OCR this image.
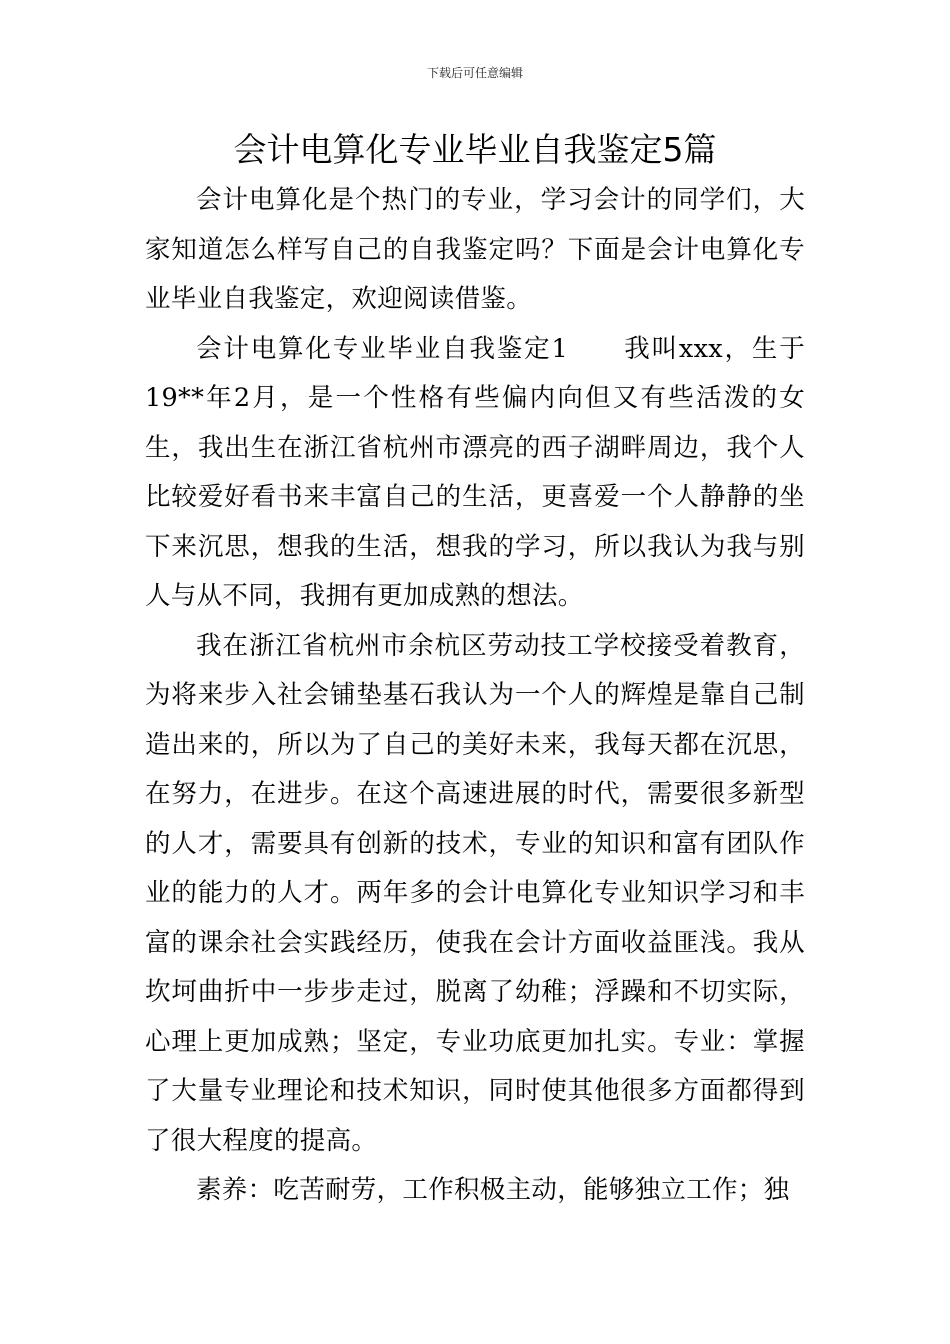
下载后可任意编辑
会计电算化专业毕业自我鉴定5篇

会计电算化是个热门的专业，学习会计的同学们，大家知道怎么样写自己的自我鉴定吗？下面是会计电算化专业毕业自我鉴定，欢迎阅读借鉴。

会计电算化专业毕业自我鉴定1　　我叫xxx，生于19**年2月，是一个性格有些偏内向但又有些活泼的女生，我出生在浙江省杭州市漂亮的西子湖畔周边，我个人比较爱好看书来丰富自己的生活，更喜爱一个人静静的坐下来沉思，想我的生活，想我的学习，所以我认为我与别人与从不同，我拥有更加成熟的想法。

我在浙江省杭州市余杭区劳动技工学校接受着教育，为将来步入社会铺垫基石我认为一个人的辉煌是靠自己制造出来的，所以为了自己的美好未来，我每天都在沉思，在努力，在进步。在这个高速进展的时代，需要很多新型的人才，需要具有创新的技术，专业的知识和富有团队作业的能力的人才。两年多的会计电算化专业知识学习和丰富的课余社会实践经历，使我在会计方面收益匪浅。我从坎坷曲折中一步步走过，脱离了幼稚；浮躁和不切实际，心理上更加成熟；坚定，专业功底更加扎实。专业：掌握了大量专业理论和技术知识，同时使其他很多方面都得到了很大程度的提高。

素养：吃苦耐劳，工作积极主动，能够独立工作；独
